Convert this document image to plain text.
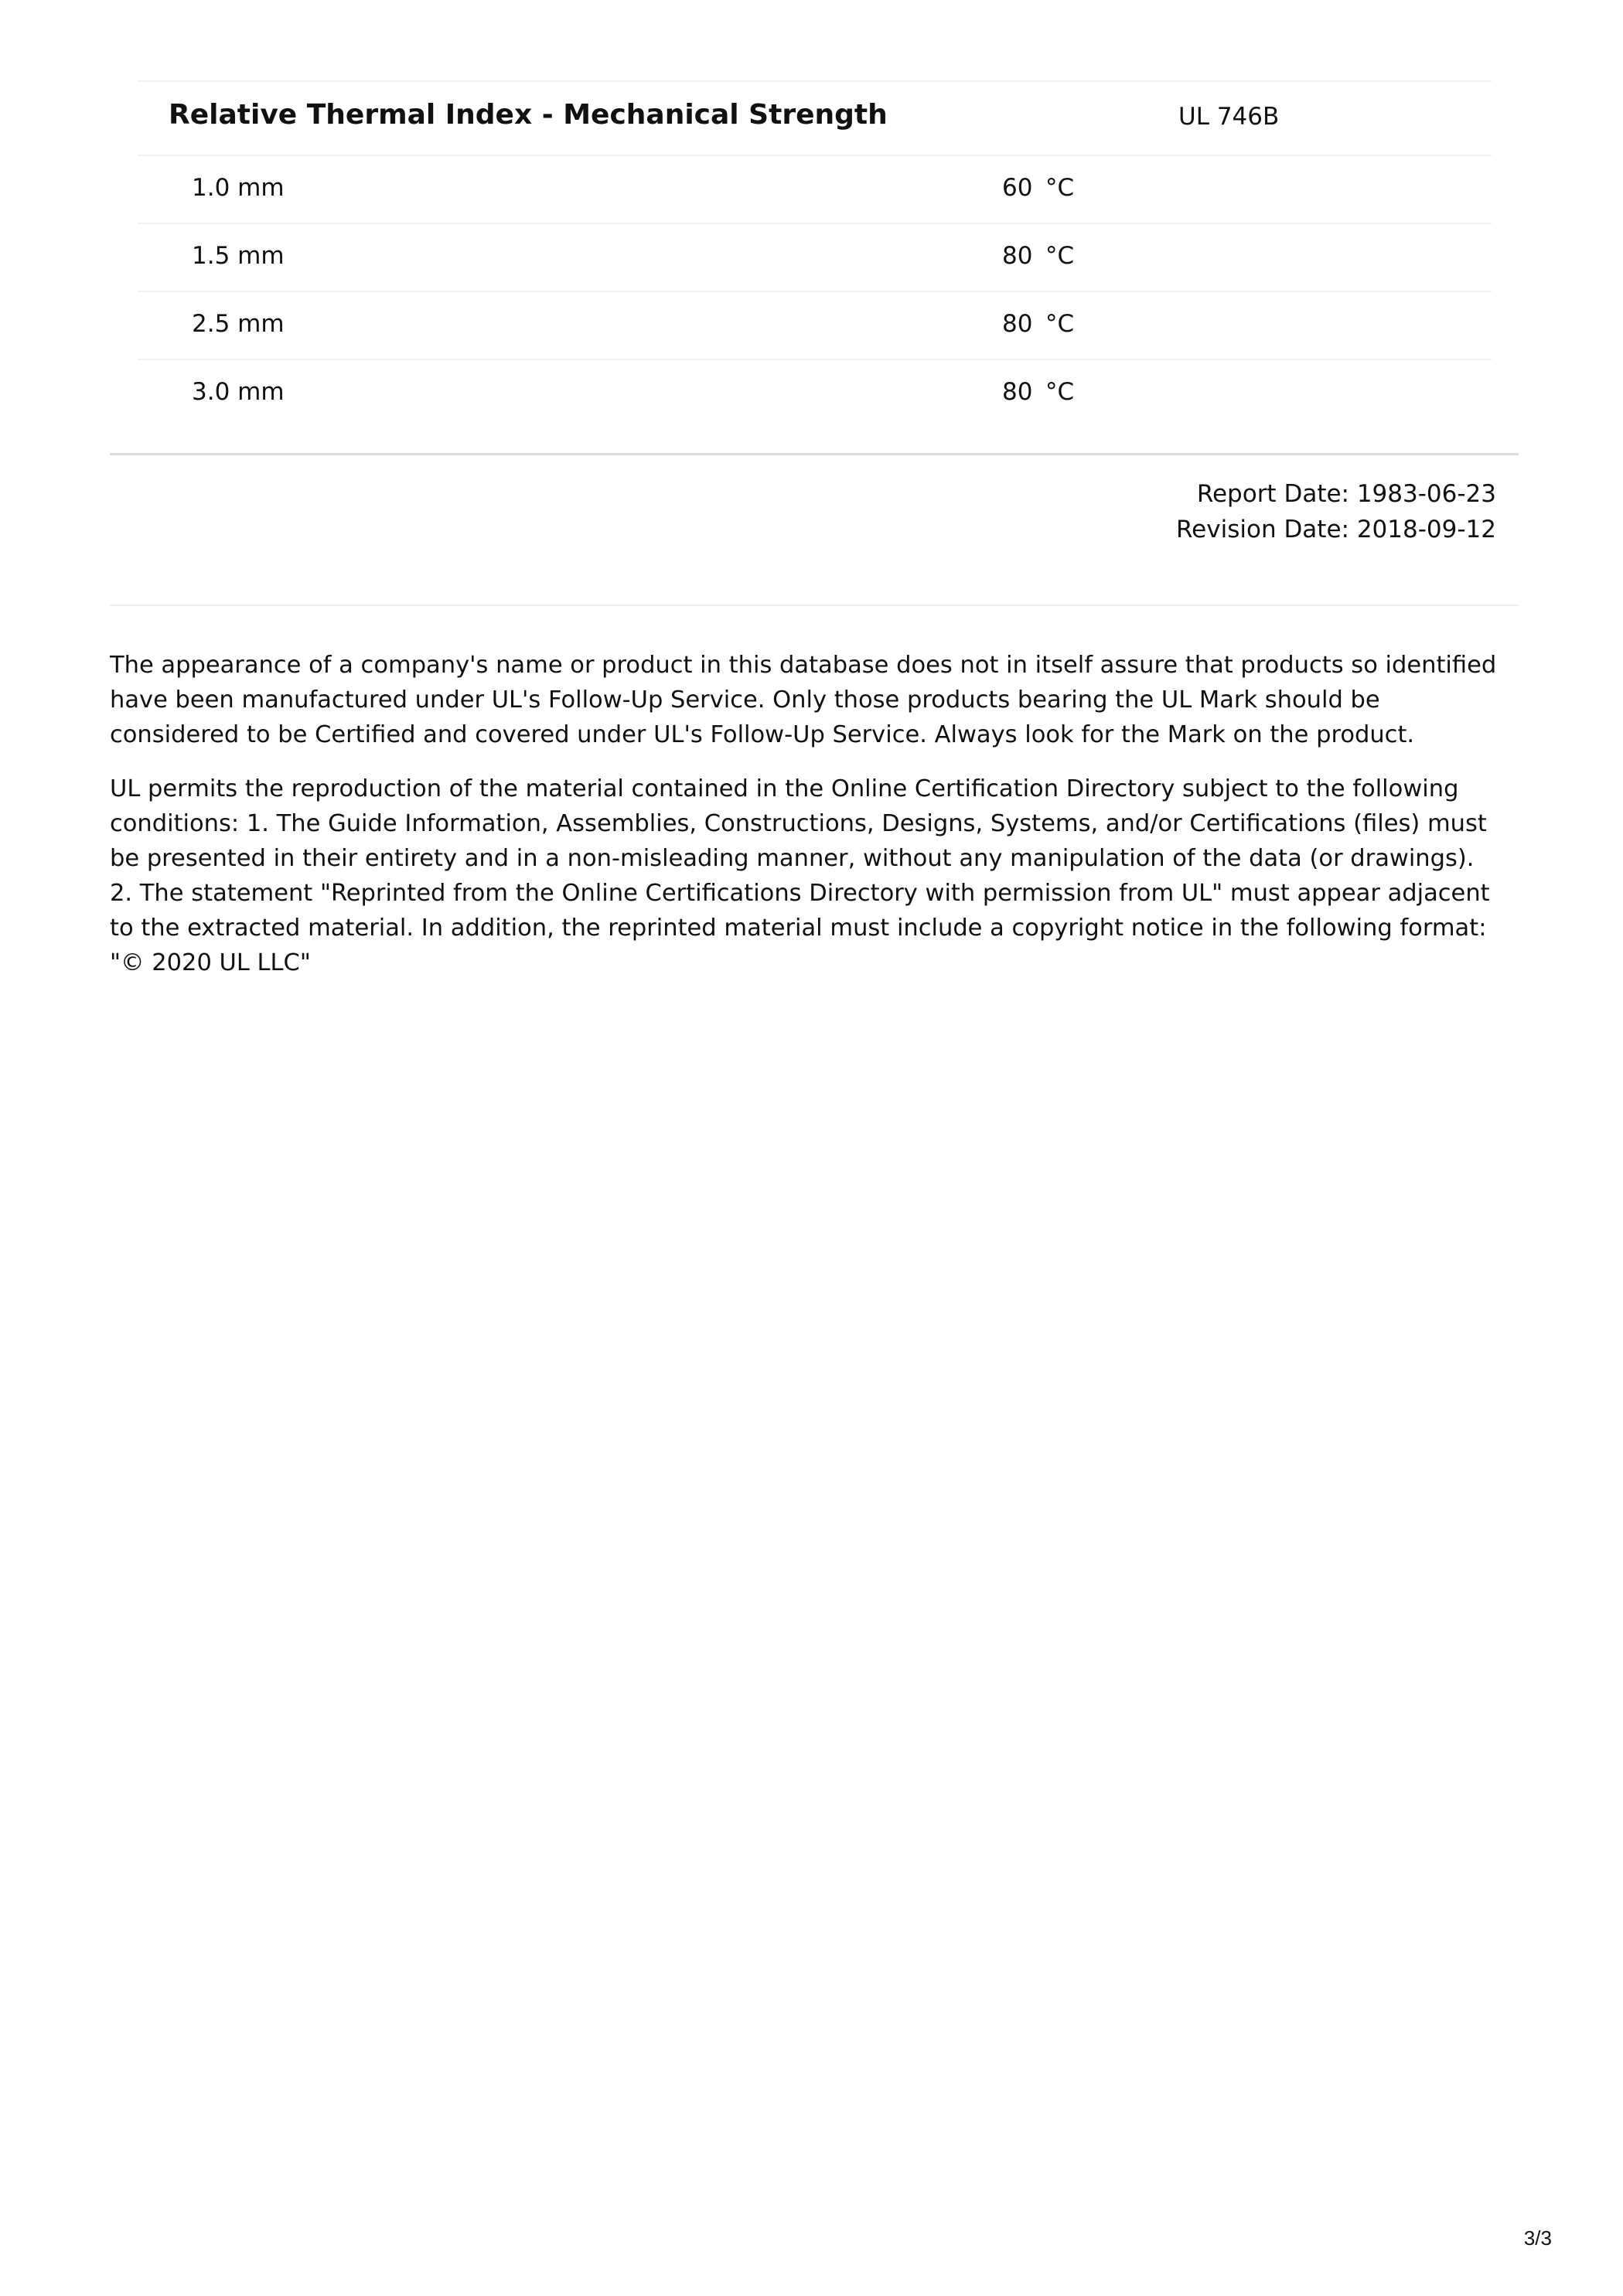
Relative Thermal Index - Mechanical Strength	UL 746B
1.0 mm	60 °C
1.5 mm	80 °C
2.5 mm	80 °C
3.0 mm	80 °C
Report Date: 1983-06-23
Revision Date: 2018-09-12

The appearance of a company's name or product in this database does not in itself assure that products so identified have been manufactured under UL's Follow-Up Service. Only those products bearing the UL Mark should be considered to be Certified and covered under UL's Follow-Up Service. Always look for the Mark on the product.

UL permits the reproduction of the material contained in the Online Certification Directory subject to the following conditions: 1. The Guide Information, Assemblies, Constructions, Designs, Systems, and/or Certifications (files) must be presented in their entirety and in a non-misleading manner, without any manipulation of the data (or drawings). 2. The statement "Reprinted from the Online Certifications Directory with permission from UL" must appear adjacent to the extracted material. In addition, the reprinted material must include a copyright notice in the following format: "© 2020 UL LLC"

3/3
